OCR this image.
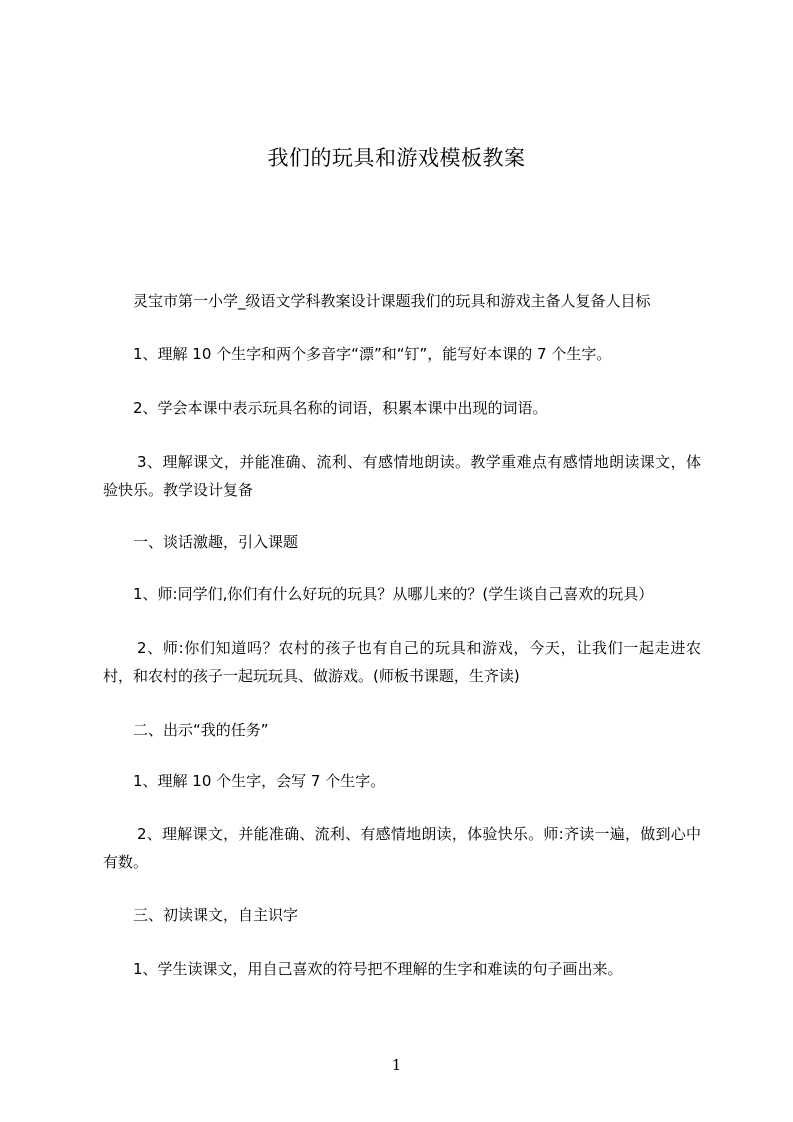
我们的玩具和游戏模板教案

灵宝市第一小学_级语文学科教案设计课题我们的玩具和游戏主备人复备人目标

1、理解 10 个生字和两个多音字“漂”和“钉”，能写好本课的 7 个生字。

2、学会本课中表示玩具名称的词语，积累本课中出现的词语。

3、理解课文，并能准确、流利、有感情地朗读。教学重难点有感情地朗读课文，体验快乐。教学设计复备

一、谈话激趣，引入课题

1、师:同学们,你们有什么好玩的玩具？从哪儿来的？(学生谈自己喜欢的玩具）

2、师:你们知道吗？农村的孩子也有自己的玩具和游戏，今天，让我们一起走进农村，和农村的孩子一起玩玩具、做游戏。(师板书课题，生齐读)

二、出示“我的任务”

1、理解 10 个生字，会写 7 个生字。

2、理解课文，并能准确、流利、有感情地朗读，体验快乐。师:齐读一遍，做到心中有数。

三、初读课文，自主识字

1、学生读课文，用自己喜欢的符号把不理解的生字和难读的句子画出来。

1
